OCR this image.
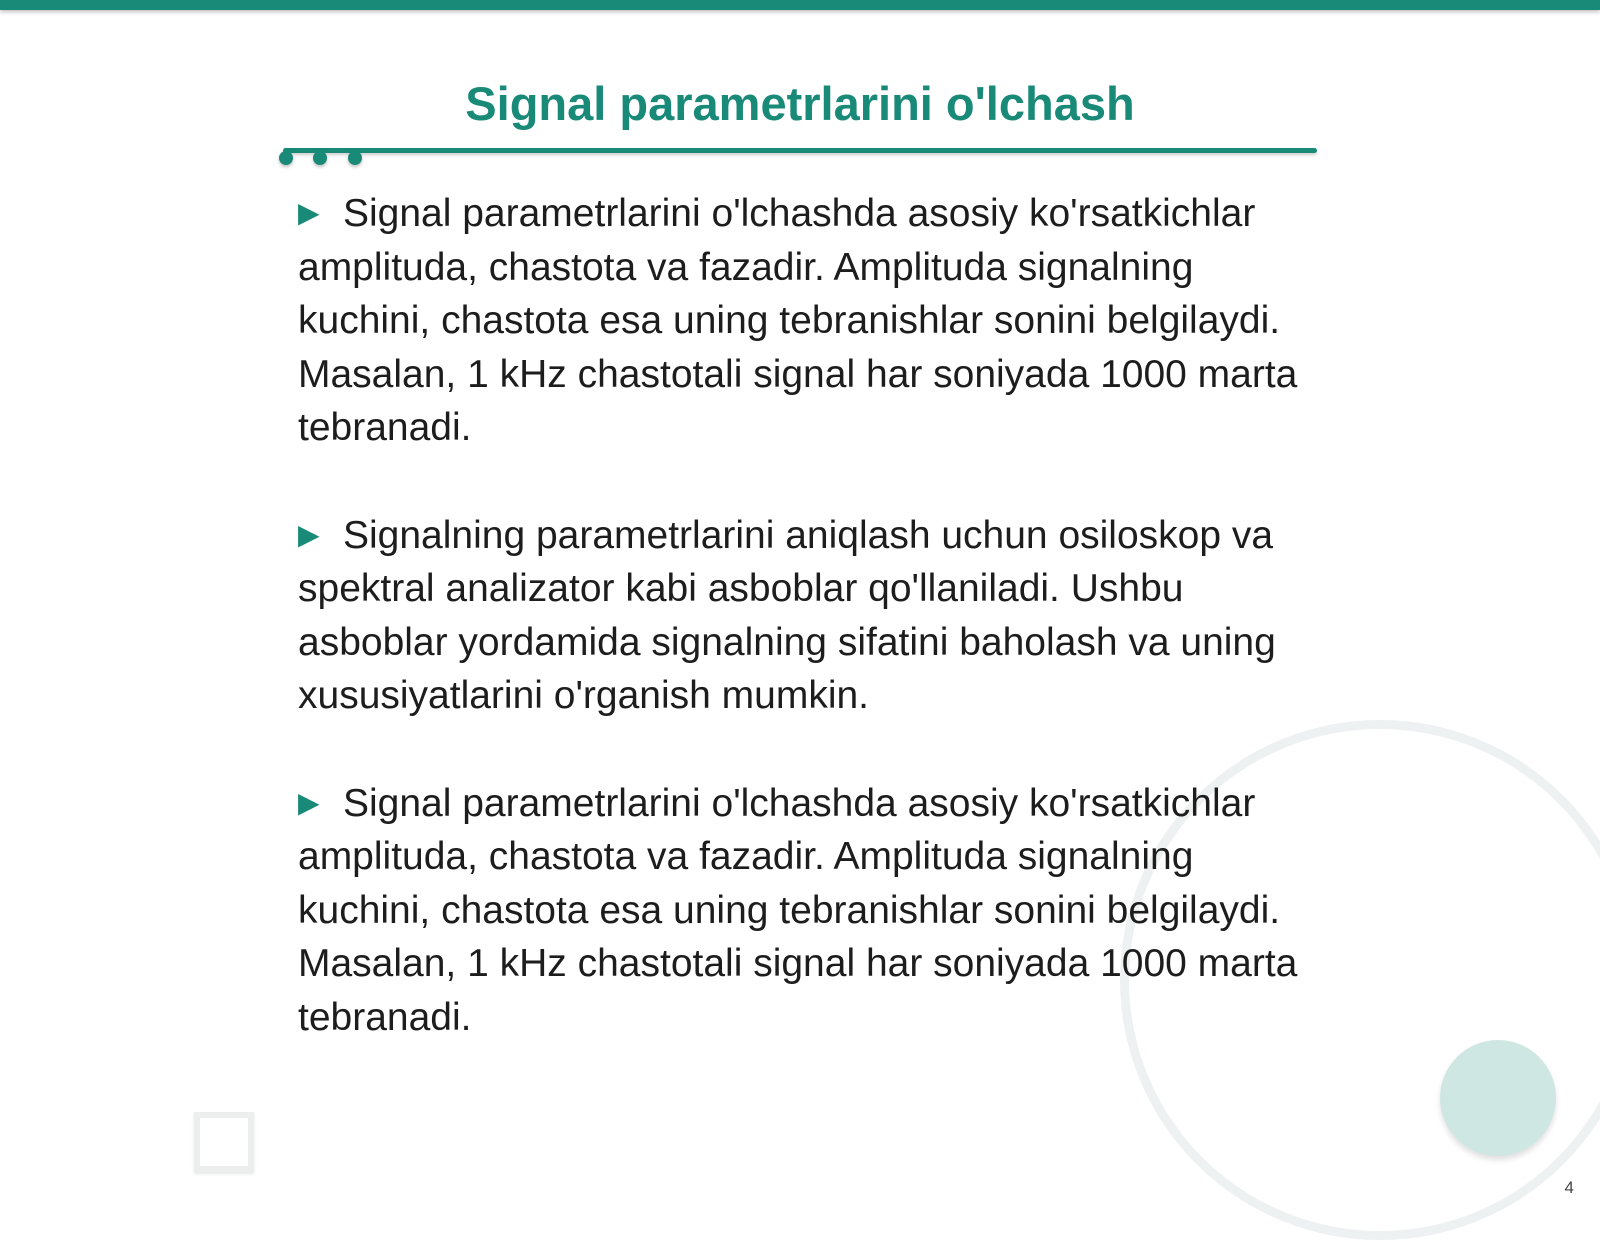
Signal parametrlarini o'lchash

▶ Signal parametrlarini o'lchashda asosiy ko'rsatkichlar amplituda, chastota va fazadir. Amplituda signalning kuchini, chastota esa uning tebranishlar sonini belgilaydi. Masalan, 1 kHz chastotali signal har soniyada 1000 marta tebranadi.

▶ Signalning parametrlarini aniqlash uchun osiloskop va spektral analizator kabi asboblar qo'llaniladi. Ushbu asboblar yordamida signalning sifatini baholash va uning xususiyatlarini o'rganish mumkin.

▶ Signal parametrlarini o'lchashda asosiy ko'rsatkichlar amplituda, chastota va fazadir. Amplituda signalning kuchini, chastota esa uning tebranishlar sonini belgilaydi. Masalan, 1 kHz chastotali signal har soniyada 1000 marta tebranadi.

4
